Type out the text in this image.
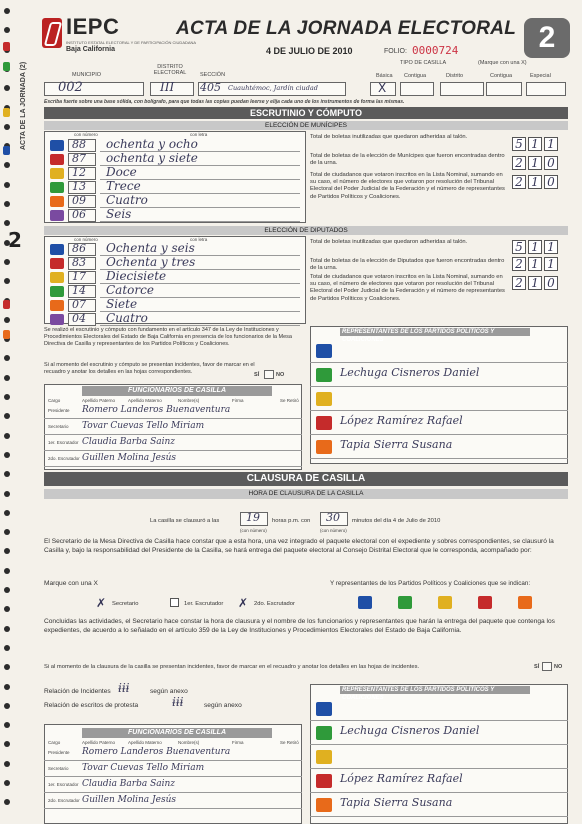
ACTA DE LA JORNADA (2)
2
IEPC
INSTITUTO ESTATAL ELECTORAL Y DE PARTICIPACIÓN CIUDADANA
Baja California
ACTA DE LA JORNADA ELECTORAL
4 DE JULIO DE 2010	FOLIO: 0000724	2
MUNICIPIO
DISTRITO ELECTORAL	SECCIÓN
TIPO DE CASILLA	(Marque con una X)
Básica Contigua	Distrito	Contigua	Especial
002	III 405 Cuauhtémoc, Jardín ciudad	X
Escriba fuerte sobre una base sólida, con bolígrafo, para que todas las copias puedan leerse y elija cada uno de los instrumentos de forma las mismas.
ESCRUTINIO Y CÓMPUTO
ELECCIÓN DE MUNÍCIPES
con número	con letra
88 ochenta y ocho
87 ochenta y siete
12 Doce
13 Trece
09 Cuatro
06 Seis
Total de boletas inutilizadas que quedaron adheridas al talón.
Total de boletas de la elección de Munícipes que fueron encontradas dentro de la urna.
Total de ciudadanos que votaron inscritos en la Lista Nominal, sumando en su caso, el número de electores que votaron por resolución del Tribunal Electoral del Poder Judicial de la Federación y el número de representantes de Partidos Políticos y Coaliciones.
5 1 1
2 1 0
2 1 0
ELECCIÓN DE DIPUTADOS
con número	con letra
86 Ochenta y seis
83 Ochenta y tres
17 Diecisiete
14 Catorce
07 Siete
04 Cuatro
Total de boletas inutilizadas que quedaron adheridas al talón.
Total de boletas de la elección de Diputados que fueron encontradas dentro de la urna.
Total de ciudadanos que votaron inscritos en la Lista Nominal, sumando en su caso, el número de electores que votaron por resolución del Tribunal Electoral del Poder Judicial de la Federación y el número de representantes de Partidos Políticos y Coaliciones.
5 1 1
2 1 1
2 1 0
Se realizó el escrutinio y cómputo con fundamento en el artículo 347 de la Ley de Instituciones y Procedimientos Electorales del Estado de Baja California en presencia de los funcionarios de la Mesa Directiva de Casilla y representantes de los Partidos Políticos y Coaliciones.
Si al momento del escrutinio y cómputo se presentan incidentes, favor de marcar en el recuadro y anotar los detalles en las hojas correspondientes.
SÍ	NO
FUNCIONARIOS DE CASILLA
Cargo	Apellido Paterno	Apellido Materno	Nombre(s)	Firma	Se Retiró
Presidente Romero Landeros Buenaventura
Secretario Tovar Cuevas Tello Miriam
1er. Escrutador Claudia Barba Sainz
2do. Escrutador Guillen Molina Jesús
REPRESENTANTES DE LOS PARTIDOS POLÍTICOS Y COALICIONES
Lechuga Cisneros Daniel
López Ramírez Rafael
Tapia Sierra Susana
CLAUSURA DE CASILLA
HORA DE CLAUSURA DE LA CASILLA
La casilla se clausuró a las 19 horas p.m. con 30 minutos del día 4 de Julio de 2010
(con número)	(con número)
El Secretario de la Mesa Directiva de Casilla hace constar que a esta hora, una vez integrado el paquete electoral con el expediente y sobres correspondientes, se clausuró la Casilla y, bajo la responsabilidad del Presidente de la Casilla, se hará entrega del paquete electoral al Consejo Distrital Electoral que le corresponda, acompañado por:
Marque con una X	Y representantes de los Partidos Políticos y Coaliciones que se indican:
✗ Secretario	1er. Escrutador ✗ 2do. Escrutador
Concluidas las actividades, el Secretario hace constar la hora de clausura y el nombre de los funcionarios y representantes que harán la entrega del paquete que contenga los expedientes, de acuerdo a lo señalado en el artículo 359 de la Ley de Instituciones y Procedimientos Electorales del Estado de Baja California.
Si al momento de la clausura de la casilla se presentan incidentes, favor de marcar en el recuadro y anotar los detalles en las hojas de incidentes.	SÍ	NO
Relación de Incidentes ɨɨɨ	según anexo
Relación de escritos de protesta	ɨɨɨ	según anexo
FUNCIONARIOS DE CASILLA
Cargo	Apellido Paterno	Apellido Materno	Nombre(s)	Firma	Se Retiró
Presidente Romero Landeros Buenaventura
Secretario Tovar Cuevas Tello Miriam
1er. Escrutador Claudia Barba Sainz
2do. Escrutador Guillen Molina Jesús
REPRESENTANTES DE LOS PARTIDOS POLÍTICOS Y COALICIONES
Lechuga Cisneros Daniel
López Ramírez Rafael
Tapia Sierra Susana
